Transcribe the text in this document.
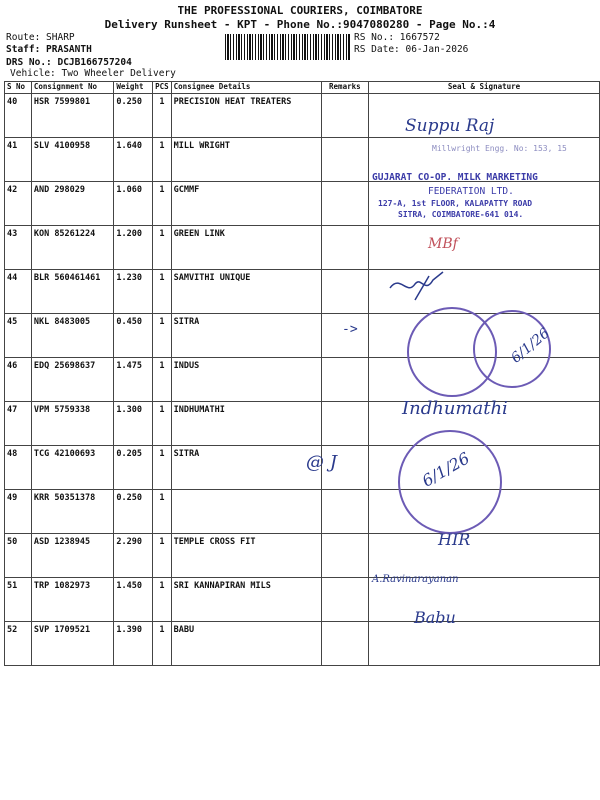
THE PROFESSIONAL COURIERS, COIMBATORE
Delivery Runsheet - KPT - Phone No.:9047080280 - Page No.:4
Route: SHARP
Staff: PRASANTH
DRS No.: DCJB166757204
Vehicle: Two Wheeler Delivery
RS No.: 1667572
RS Date: 06-Jan-2026
S No	Consignment No	Weight	PCS	Consignee Details	Remarks	Seal & Signature
40	HSR 7599801	0.250	1	PRECISION HEAT TREATERS		
41	SLV 4100958	1.640	1	MILL WRIGHT		
42	AND 298029	1.060	1	GCMMF		
43	KON 85261224	1.200	1	GREEN LINK		
44	BLR 560461461	1.230	1	SAMVITHI UNIQUE		
45	NKL 8483005	0.450	1	SITRA		
46	EDQ 25698637	1.475	1	INDUS		
47	VPM 5759338	1.300	1	INDHUMATHI		
48	TCG 42100693	0.205	1	SITRA		
49	KRR 50351378	0.250	1			
50	ASD 1238945	2.290	1	TEMPLE CROSS FIT		
51	TRP 1082973	1.450	1	SRI KANNAPIRAN MILS		
52	SVP 1709521	1.390	1	BABU		
Suppu Raj
Millwright Engg. No: 153, 15
GUJARAT CO-OP. MILK MARKETING
FEDERATION LTD.
127-A, 1st FLOOR, KALAPATTY ROAD
SITRA, COIMBATORE-641 014.
MBf
->	6/1/26
Indhumathi
6/1/26
@ J
HIR
A.Ravinarayanan
Babu
